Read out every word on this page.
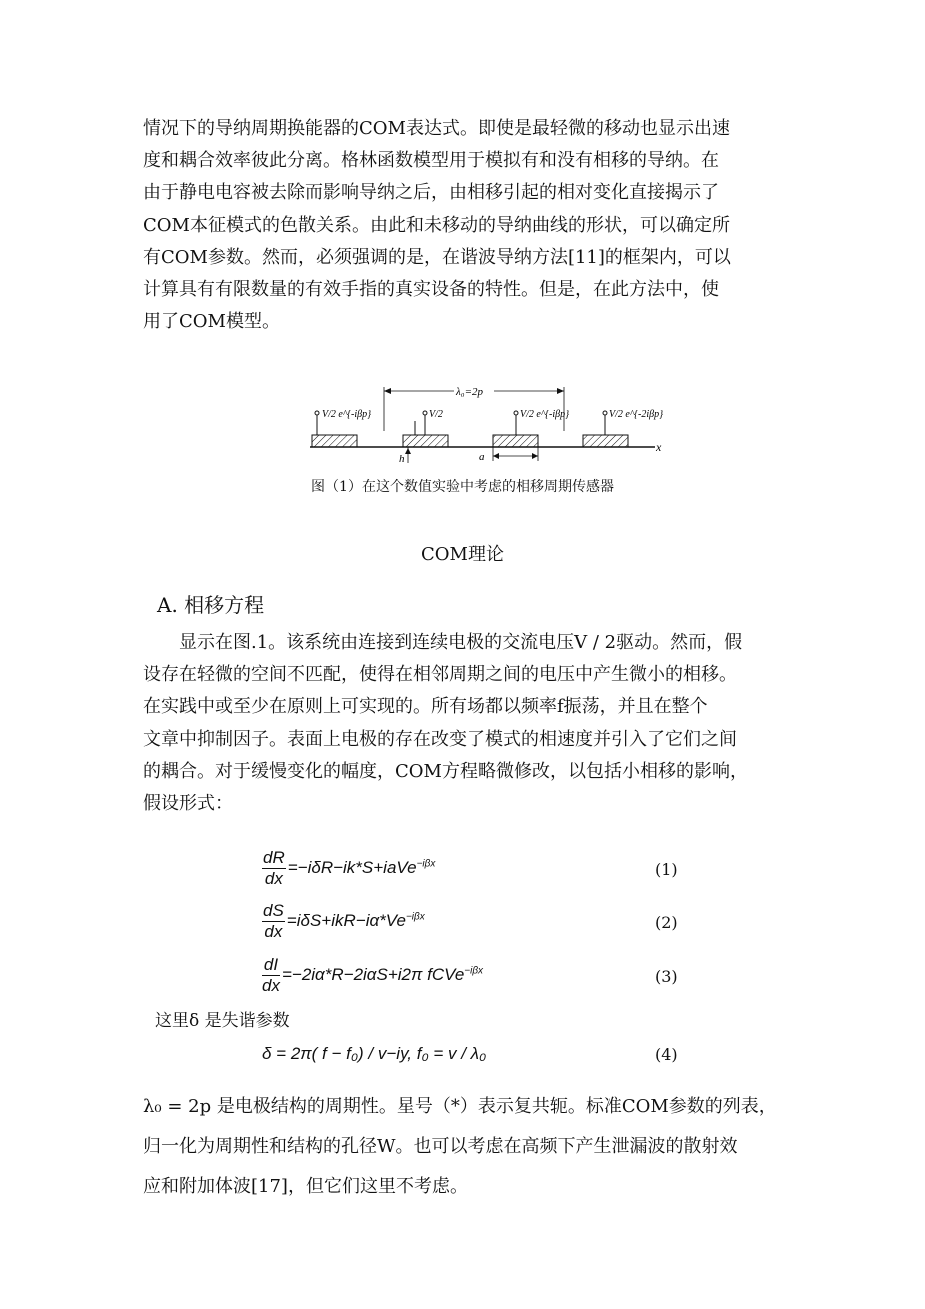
情况下的导纳周期换能器的COM表达式。即使是最轻微的移动也显示出速

度和耦合效率彼此分离。格林函数模型用于模拟有和没有相移的导纳。在

由于静电电容被去除而影响导纳之后，由相移引起的相对变化直接揭示了

COM本征模式的色散关系。由此和未移动的导纳曲线的形状，可以确定所

有COM参数。然而，必须强调的是，在谐波导纳方法[11]的框架内，可以

计算具有有限数量的有效手指的真实设备的特性。但是，在此方法中，使

用了COM模型。

x
V/2 e^{-iβp}	V/2	V/2 e^{-iβp}	V/2 e^{-2iβp}
λ₀=2p
h	a
图（1）在这个数值实验中考虑的相移周期传感器
COM理论
A. 相移方程

　　显示在图.1。该系统由连接到连续电极的交流电压V / 2驱动。然而，假

设存在轻微的空间不匹配，使得在相邻周期之间的电压中产生微小的相移。

在实践中或至少在原则上可实现的。所有场都以频率f振荡，并且在整个

文章中抑制因子。表面上电极的存在改变了模式的相速度并引入了它们之间

的耦合。对于缓慢变化的幅度，COM方程略微修改，以包括小相移的影响，

假设形式：

$\frac{dR}{dx}$ =−iδR−ik*S+iaVe$^{-i\beta x}$	(1)
$\frac{dS}{dx} =i\delta S+ikR-i\alpha*Ve^{-i\beta x}$	(2)
$\frac{dI}{dx} =-2i\alpha*R-2i\alpha S+i2\pi$ fCVe$^{-i\beta x}$	(3)
这里δ 是失谐参数
δ = 2π( f − f₀) / v−iy, f₀ = v / λ₀	(4)

λ₀ = 2p 是电极结构的周期性。星号（*）表示复共轭。标准COM参数的列表，

归一化为周期性和结构的孔径W。也可以考虑在高频下产生泄漏波的散射效

应和附加体波[17]，但它们这里不考虑。
